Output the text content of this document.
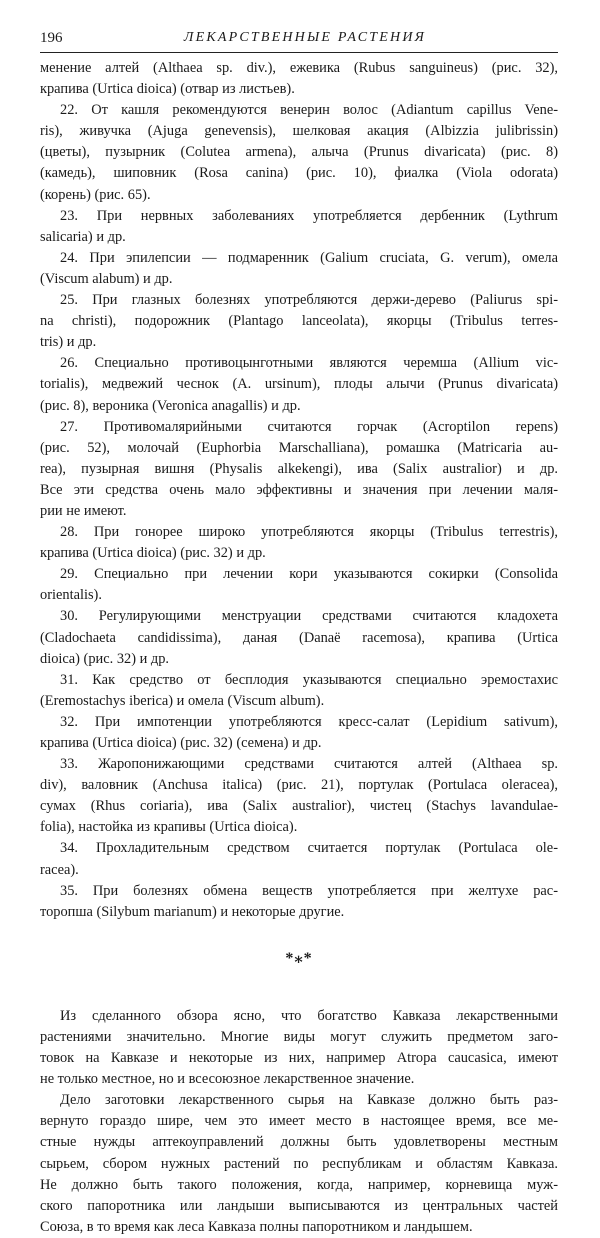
196	ЛЕКАРСТВЕННЫЕ РАСТЕНИЯ
менение алтей (Althaea sp. div.), ежевика (Rubus sanguineus) (рис. 32),
крапива (Urtica dioica) (отвар из листьев).
22. От кашля рекомендуются венерин волос (Adiantum capillus Vene-
ris), живучка (Ajuga genevensis), шелковая акация (Albizzia julibrissin)
(цветы), пузырник (Colutea armena), алыча (Prunus divaricata) (рис. 8)
(камедь), шиповник (Rosa canina) (рис. 10), фиалка (Viola odorata)
(корень) (рис. 65).
23. При нервных заболеваниях употребляется дербенник (Lythrum
salicaria) и др.
24. При эпилепсии — подмаренник (Galium cruciata, G. verum), омела
(Viscum alabum) и др.
25. При глазных болезнях употребляются держи-дерево (Paliurus spi-
na christi), подорожник (Plantago lanceolata), якорцы (Tribulus terres-
tris) и др.
26. Специально противоцынготными являются черемша (Allium vic-
torialis), медвежий чеснок (A. ursinum), плоды алычи (Prunus divaricata)
(рис. 8), вероника (Veronica anagallis) и др.
27. Противомалярийными считаются горчак (Acroptilon repens)
(рис. 52), молочай (Euphorbia Marschalliana), ромашка (Matricaria au-
rea), пузырная вишня (Physalis alkekengi), ива (Salix australior) и др.
Все эти средства очень мало эффективны и значения при лечении маля-
рии не имеют.
28. При гонорее широко употребляются якорцы (Tribulus terrestris),
крапива (Urtica dioica) (рис. 32) и др.
29. Специально при лечении кори указываются сокирки (Consolida
orientalis).
30. Регулирующими менструации средствами считаются кладохета
(Cladochaeta candidissima), даная (Danaё racemosa), крапива (Urtica
dioica) (рис. 32) и др.
31. Как средство от бесплодия указываются специально эремостахис
(Eremostachys iberica) и омела (Viscum album).
32. При импотенции употребляются кресс-салат (Lepidium sativum),
крапива (Urtica dioica) (рис. 32) (семена) и др.
33. Жаропонижающими средствами считаются алтей (Althaea sp.
div), валовник (Anchusa italica) (рис. 21), портулак (Portulaca oleracea),
сумах (Rhus coriaria), ива (Salix australior), чистец (Stachys lavandulae-
folia), настойка из крапивы (Urtica dioica).
34. Прохладительным средством считается портулак (Portulaca ole-
racea).
35. При болезнях обмена веществ употребляется при желтухе рас-
торопша (Silybum marianum) и некоторые другие.
*⁎*
Из сделанного обзора ясно, что богатство Кавказа лекарственными
растениями значительно. Многие виды могут служить предметом заго-
товок на Кавказе и некоторые из них, например Atropa caucasica, имеют
не только местное, но и всесоюзное лекарственное значение.
Дело заготовки лекарственного сырья на Кавказе должно быть раз-
вернуто гораздо шире, чем это имеет место в настоящее время, все ме-
стные нужды аптекоуправлений должны быть удовлетворены местным
сырьем, сбором нужных растений по республикам и областям Кавказа.
Не должно быть такого положения, когда, например, корневища муж-
ского папоротника или ландыши выписываются из центральных частей
Союза, в то время как леса Кавказа полны папоротником и ландышем.
